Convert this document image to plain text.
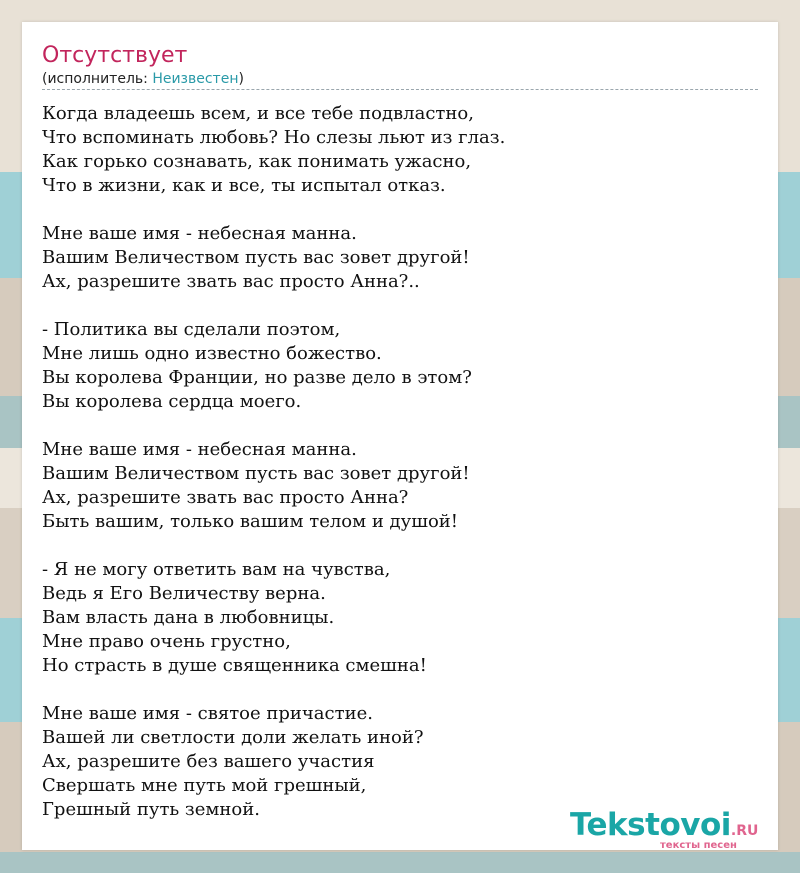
Отсутствует
(исполнитель: Неизвестен)
Когда владеешь всем, и все тебе подвластно,
Что вспоминать любовь? Но слезы льют из глаз.
Как горько сознавать, как понимать ужасно,
Что в жизни, как и все, ты испытал отказ.
Мне ваше имя - небесная манна.
Вашим Величеством пусть вас зовет другой!
Ах, разрешите звать вас просто Анна?..
- Политика вы сделали поэтом,
Мне лишь одно известно божество.
Вы королева Франции, но разве дело в этом?
Вы королева сердца моего.
Мне ваше имя - небесная манна.
Вашим Величеством пусть вас зовет другой!
Ах, разрешите звать вас просто Анна?
Быть вашим, только вашим телом и душой!
- Я не могу ответить вам на чувства,
Ведь я Его Величеству верна.
Вам власть дана в любовницы.
Мне право очень грустно,
Но страсть в душе священника смешна!
Мне ваше имя - святое причастие.
Вашей ли светлости доли желать иной?
Ах, разрешите без вашего участия
Свершать мне путь мой грешный,
Грешный путь земной.	Tekstovoi.RU
тексты песен
